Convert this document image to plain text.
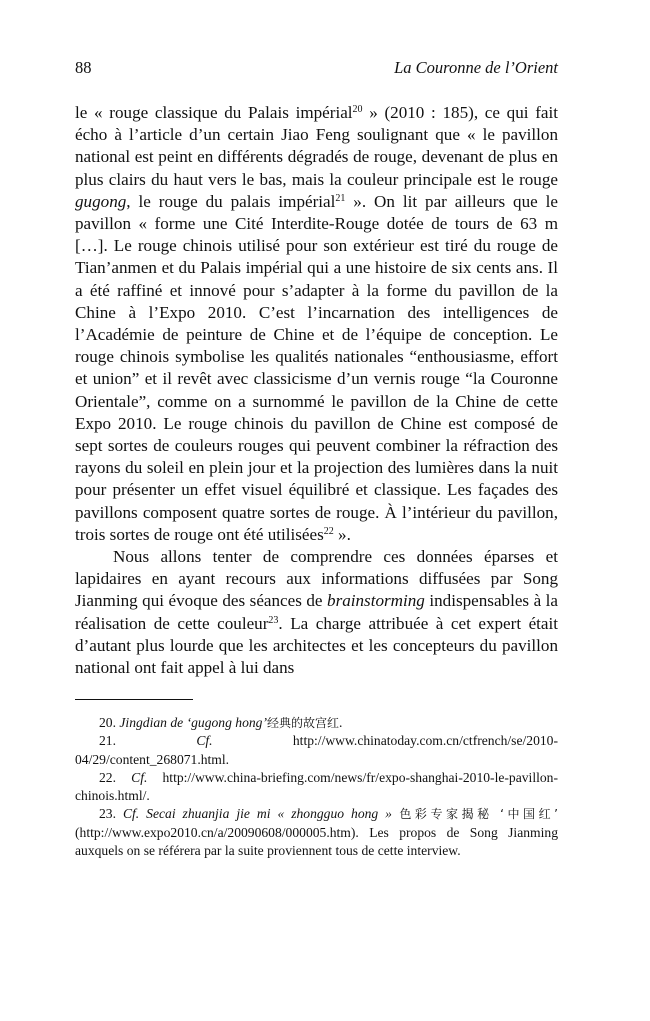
88	La Couronne de l’Orient

le « rouge classique du Palais impérial$^{20}$ » (2010 : 185), ce qui fait écho à l’article d’un certain Jiao Feng soulignant que « le pavillon national est peint en différents dégradés de rouge, devenant de plus en plus clairs du haut vers le bas, mais la couleur principale est le rouge gugong, le rouge du palais impérial$^{21}$ ». On lit par ailleurs que le pavillon « forme une Cité Interdite-Rouge dotée de tours de 63 m […]. Le rouge chinois utilisé pour son extérieur est tiré du rouge de Tian’anmen et du Palais impérial qui a une histoire de six cents ans. Il a été raffiné et innové pour s’adapter à la forme du pavillon de la Chine à l’Expo 2010. C’est l’incarnation des intelligences de l’Académie de peinture de Chine et de l’équipe de conception. Le rouge chinois symbolise les qualités nationales “enthousiasme, effort et union” et il revêt avec classicisme d’un vernis rouge “la Couronne Orientale”, comme on a surnommé le pavillon de la Chine de cette Expo 2010. Le rouge chinois du pavillon de Chine est composé de sept sortes de couleurs rouges qui peuvent combiner la réfraction des rayons du soleil en plein jour et la projection des lumières dans la nuit pour présenter un effet visuel équilibré et classique. Les façades des pavillons composent quatre sortes de rouge. À l’intérieur du pavillon, trois sortes de rouge ont été utilisées$^{22}$ ».

Nous allons tenter de comprendre ces données éparses et lapidaires en ayant recours aux informations diffusées par Song Jianming qui évoque des séances de brainstorming indispensables à la réalisation de cette couleur$^{23}$. La charge attribuée à cet expert était d’autant plus lourde que les architectes et les concepteurs du pavillon national ont fait appel à lui dans

20. Jingdian de ‘gugong hong’经典的故宫红.

21. Cf. http://www.chinatoday.com.cn/ctfrench/se/2010-04/29/content_268071.html.

22. Cf. http://www.china-briefing.com/news/fr/expo-shanghai-2010-le-pavillon-chinois.html/.

23. Cf. Secai zhuanjia jie mi « zhongguo hong » 色彩专家揭秘 ‘中国红’ (http://www.expo2010.cn/a/20090608/000005.htm). Les propos de Song Jianming auxquels on se référera par la suite proviennent tous de cette interview.
